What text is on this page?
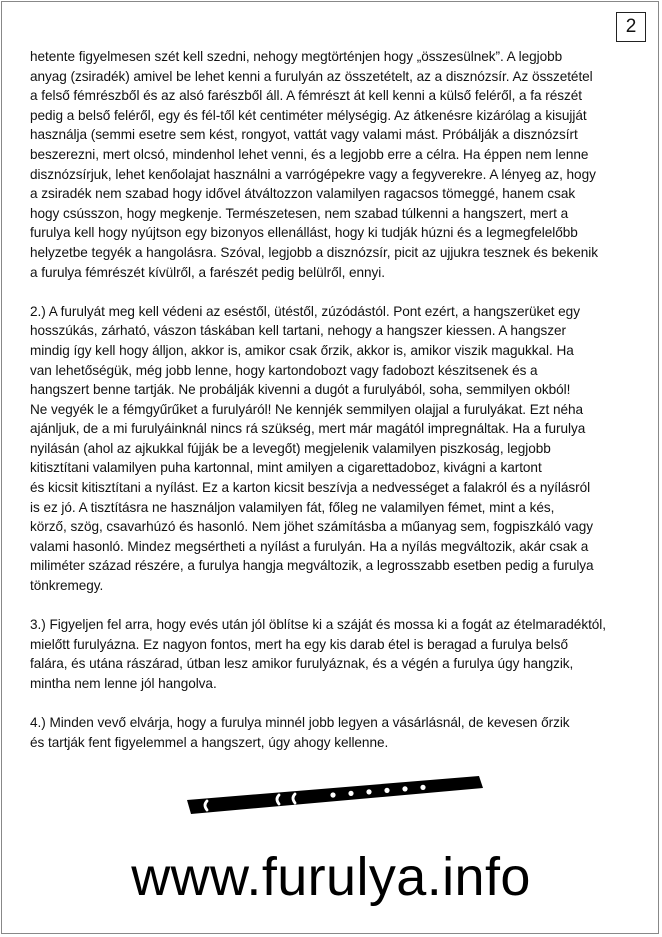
2

hetente figyelmesen szét kell szedni, nehogy megtörténjen hogy „összesülnek”. A legjobb
anyag (zsiradék) amivel be lehet kenni a furulyán az összetételt, az a disznózsír. Az összetétel
a felső fémrészből és az alsó farészből áll. A fémrészt át kell kenni a külső feléről, a fa részét
pedig a belső feléről, egy és fél-től két centiméter mélységig. Az átkenésre kizárólag a kisujját
használja (semmi esetre sem kést, rongyot, vattát vagy valami mást. Próbálják a disznózsírt
beszerezni, mert olcsó, mindenhol lehet venni, és a legjobb erre a célra. Ha éppen nem lenne
disznózsírjuk, lehet kenőolajat használni a varrógépekre vagy a fegyverekre. A lényeg az, hogy
a zsiradék nem szabad hogy idővel átváltozzon valamilyen ragacsos tömeggé, hanem csak
hogy csússzon, hogy megkenje. Természetesen, nem szabad túlkenni a hangszert, mert a
furulya kell hogy nyújtson egy bizonyos ellenállást, hogy ki tudják húzni és a legmegfelelőbb
helyzetbe tegyék a hangolásra. Szóval, legjobb a disznózsír, picit az ujjukra tesznek és bekenik
a furulya fémrészét kívülről, a farészét pedig belülről, ennyi.

2.) A furulyát meg kell védeni az eséstől, ütéstől, zúzódástól. Pont ezért, a hangszerüket egy
hosszúkás, zárható, vászon táskában kell tartani, nehogy a hangszer kiessen. A hangszer
mindig így kell hogy álljon, akkor is, amikor csak őrzik, akkor is, amikor viszik magukkal. Ha
van lehetőségük, még jobb lenne, hogy kartondobozt vagy fadobozt készitsenek és a
hangszert benne tartják. Ne probálják kivenni a dugót a furulyából, soha, semmilyen okból!
Ne vegyék le a fémgyűrűket a furulyáról! Ne kennjék semmilyen olajjal a furulyákat. Ezt néha
ajánljuk, de a mi furulyáinknál nincs rá szükség, mert már magától impregnáltak. Ha a furulya
nyilásán (ahol az ajkukkal fújják be a levegőt) megjelenik valamilyen piszkoság, legjobb
kitisztítani valamilyen puha kartonnal, mint amilyen a cigarettadoboz, kivágni a kartont
és kicsit kitisztítani a nyílást. Ez a karton kicsit beszívja a nedvességet a falakról és a nyílásról
is ez jó. A tisztításra ne használjon valamilyen fát, főleg ne valamilyen fémet, mint a kés,
körző, szög, csavarhúzó és hasonló. Nem jöhet számításba a műanyag sem, fogpiszkáló vagy
valami hasonló. Mindez megsértheti a nyílást a furulyán. Ha a nyílás megváltozik, akár csak a
miliméter század részére, a furulya hangja megváltozik, a legrosszabb esetben pedig a furulya
tönkremegy.

3.) Figyeljen fel arra, hogy evés után jól öblítse ki a száját és mossa ki a fogát az ételmaradéktól,
mielőtt furulyázna. Ez nagyon fontos, mert ha egy kis darab étel is beragad a furulya belső
falára, és utána rászárad, útban lesz amikor furulyáznak, és a végén a furulya úgy hangzik,
mintha nem lenne jól hangolva.

4.) Minden vevő elvárja, hogy a furulya minnél jobb legyen a vásárlásnál, de kevesen őrzik
és tartják fent figyelemmel a hangszert, úgy ahogy kellenne.

www.furulya.info
